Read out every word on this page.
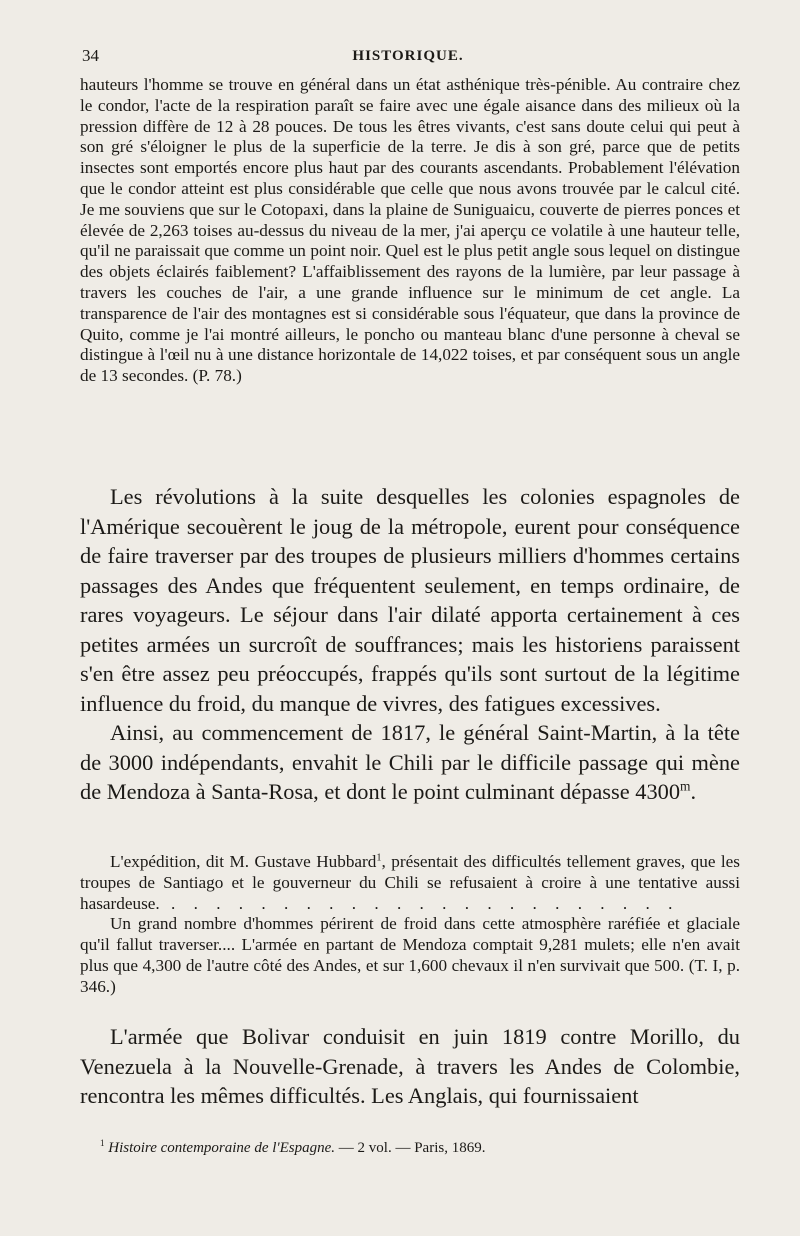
34	HISTORIQUE.
hauteurs l'homme se trouve en général dans un état asthénique très-pénible. Au contraire chez le condor, l'acte de la respiration paraît se faire avec une égale aisance dans des milieux où la pression diffère de 12 à 28 pouces. De tous les êtres vivants, c'est sans doute celui qui peut à son gré s'éloigner le plus de la superficie de la terre. Je dis à son gré, parce que de petits insectes sont emportés encore plus haut par des courants ascendants. Probablement l'élévation que le condor atteint est plus considérable que celle que nous avons trouvée par le calcul cité. Je me souviens que sur le Cotopaxi, dans la plaine de Suniguaicu, couverte de pierres ponces et élevée de 2,263 toises au-dessus du niveau de la mer, j'ai aperçu ce volatile à une hauteur telle, qu'il ne paraissait que comme un point noir. Quel est le plus petit angle sous lequel on distingue des objets éclairés faiblement? L'affaiblissement des rayons de la lumière, par leur passage à travers les couches de l'air, a une grande influence sur le minimum de cet angle. La transparence de l'air des montagnes est si considérable sous l'équateur, que dans la province de Quito, comme je l'ai montré ailleurs, le poncho ou manteau blanc d'une personne à cheval se distingue à l'œil nu à une distance horizontale de 14,022 toises, et par conséquent sous un angle de 13 secondes. (P. 78.)

Les révolutions à la suite desquelles les colonies espagnoles de l'Amérique secouèrent le joug de la métropole, eurent pour conséquence de faire traverser par des troupes de plusieurs milliers d'hommes certains passages des Andes que fréquentent seulement, en temps ordinaire, de rares voyageurs. Le séjour dans l'air dilaté apporta certainement à ces petites armées un surcroît de souffrances; mais les historiens paraissent s'en être assez peu préoccupés, frappés qu'ils sont surtout de la légitime influence du froid, du manque de vivres, des fatigues excessives.

Ainsi, au commencement de 1817, le général Saint-Martin, à la tête de 3000 indépendants, envahit le Chili par le difficile passage qui mène de Mendoza à Santa-Rosa, et dont le point culminant dépasse 4300$^m$.

L'expédition, dit M. Gustave Hubbard$^1$, présentait des difficultés tellement graves, que les troupes de Santiago et le gouverneur du Chili se refusaient à croire à une tentative aussi hasardeuse. . . . . . . . . . . . . . . . . . . . . . . .

Un grand nombre d'hommes périrent de froid dans cette atmosphère raréfiée et glaciale qu'il fallut traverser.... L'armée en partant de Mendoza comptait 9,281 mulets; elle n'en avait plus que 4,300 de l'autre côté des Andes, et sur 1,600 chevaux il n'en survivait que 500. (T. I, p. 346.)

L'armée que Bolivar conduisit en juin 1819 contre Morillo, du Venezuela à la Nouvelle-Grenade, à travers les Andes de Colombie, rencontra les mêmes difficultés. Les Anglais, qui fournissaient

$^1$ Histoire contemporaine de l'Espagne. — 2 vol. — Paris, 1869.
